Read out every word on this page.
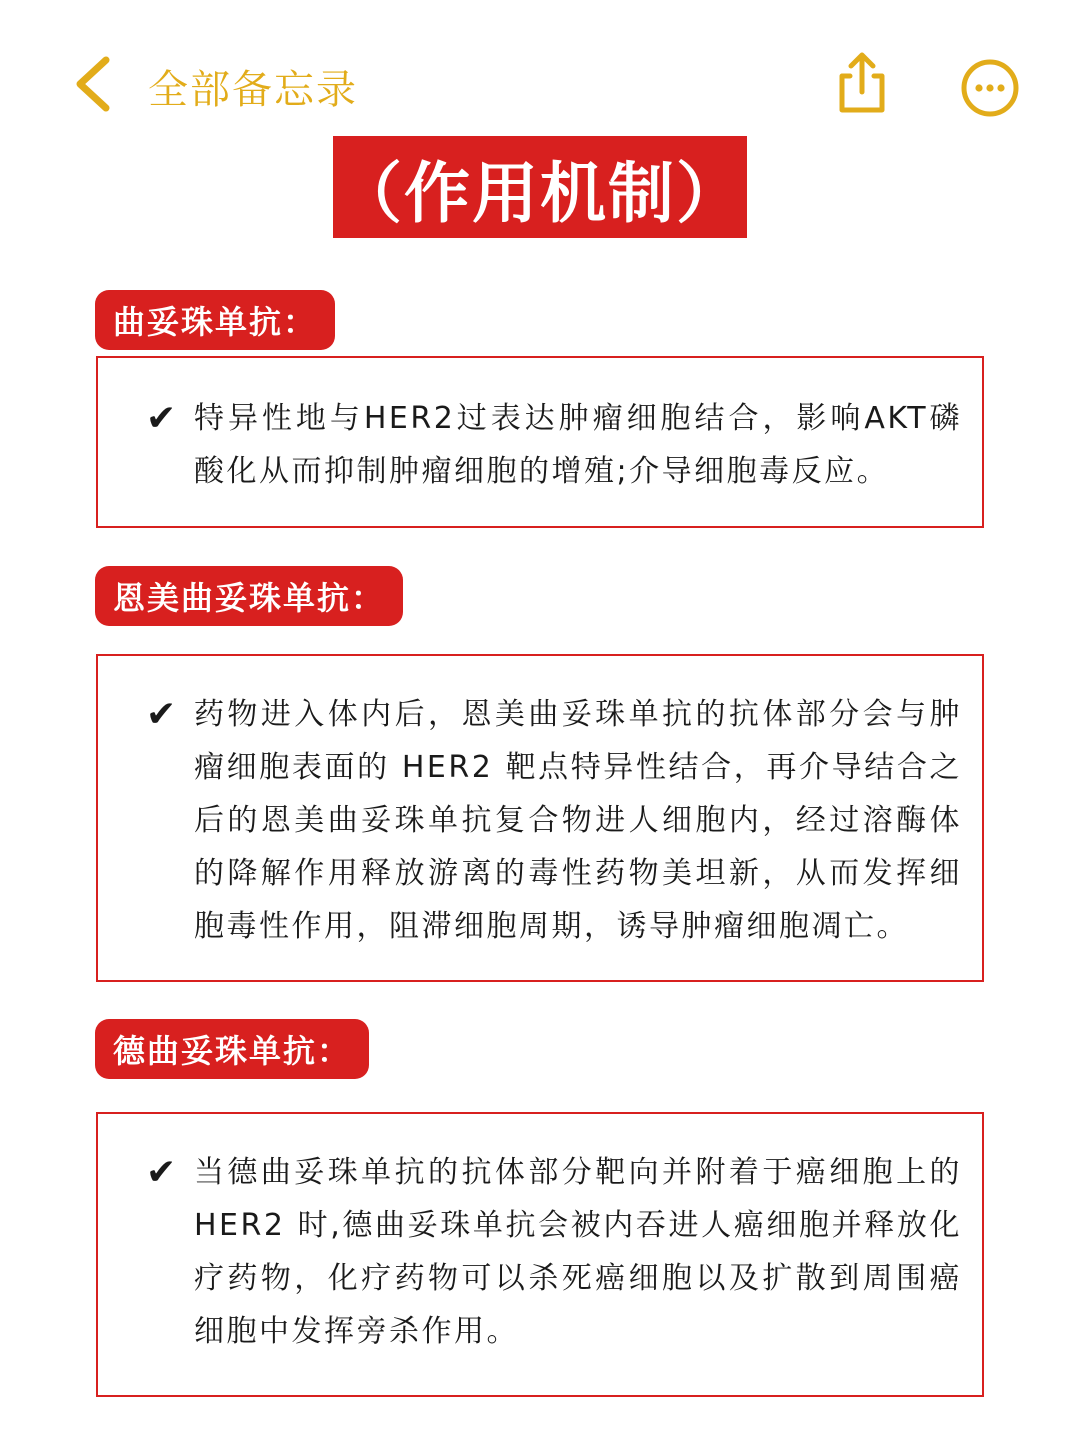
全部备忘录
（作用机制）
曲妥珠单抗：
✔ 特异性地与HER2过表达肿瘤细胞结合，影响AKT磷酸化从而抑制肿瘤细胞的增殖;介导细胞毒反应。

恩美曲妥珠单抗：
✔ 药物进入体内后，恩美曲妥珠单抗的抗体部分会与肿瘤细胞表面的 HER2 靶点特异性结合，再介导结合之后的恩美曲妥珠单抗复合物进人细胞内，经过溶酶体的降解作用释放游离的毒性药物美坦新，从而发挥细胞毒性作用，阻滞细胞周期，诱导肿瘤细胞凋亡。

德曲妥珠单抗：
✔ 当德曲妥珠单抗的抗体部分靶向并附着于癌细胞上的HER2 时,德曲妥珠单抗会被内吞进人癌细胞并释放化疗药物，化疗药物可以杀死癌细胞以及扩散到周围癌细胞中发挥旁杀作用。
